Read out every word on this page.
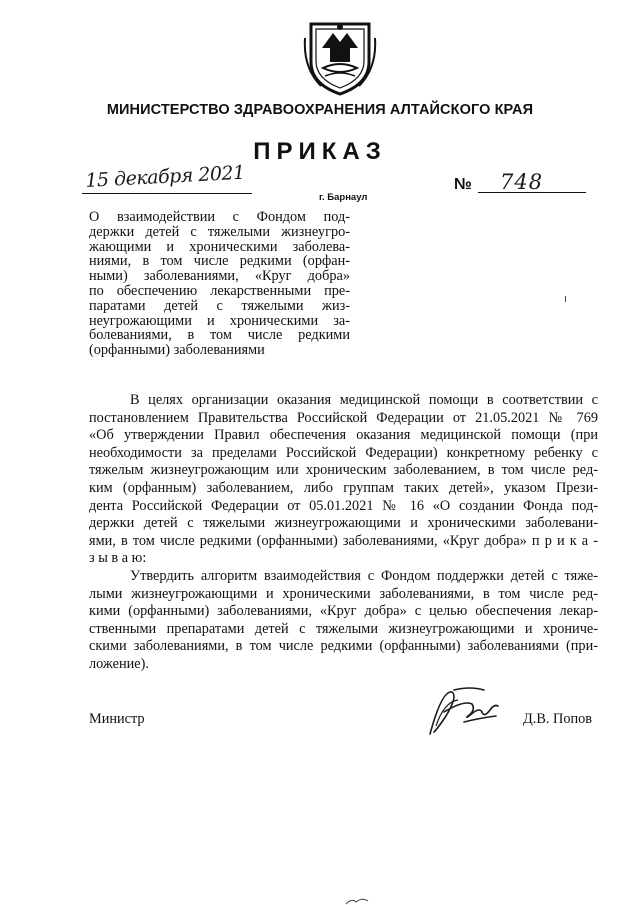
МИНИСТЕРСТВО ЗДРАВООХРАНЕНИЯ АЛТАЙСКОГО КРАЯ
ПРИКАЗ
15 декабря 2021
г. Барнаул
№ 748
О взаимодействии с Фондом под-
держки детей с тяжелыми жизнеугро-
жающими и хроническими заболева-
ниями, в том числе редкими (орфан-
ными) заболеваниями, «Круг добра»
по обеспечению лекарственными пре-
паратами детей с тяжелыми жиз-
неугрожающими и хроническими за-
болеваниями, в том числе редкими
(орфанными) заболеваниями
В целях организации оказания медицинской помощи в соответствии с
постановлением Правительства Российской Федерации от 21.05.2021 № 769
«Об утверждении Правил обеспечения оказания медицинской помощи (при
необходимости за пределами Российской Федерации) конкретному ребенку с
тяжелым жизнеугрожающим или хроническим заболеванием, в том числе ред-
ким (орфанным) заболеванием, либо группам таких детей», указом Прези-
дента Российской Федерации от 05.01.2021 № 16 «О создании Фонда под-
держки детей с тяжелыми жизнеугрожающими и хроническими заболевани-
ями, в том числе редкими (орфанными) заболеваниями, «Круг добра» п р и к а -
з ы в а ю:
Утвердить алгоритм взаимодействия с Фондом поддержки детей с тяже-
лыми жизнеугрожающими и хроническими заболеваниями, в том числе ред-
кими (орфанными) заболеваниями, «Круг добра» с целью обеспечения лекар-
ственными препаратами детей с тяжелыми жизнеугрожающими и хрониче-
скими заболеваниями, в том числе редкими (орфанными) заболеваниями (при-
ложение).
Министр	Д.В. Попов
